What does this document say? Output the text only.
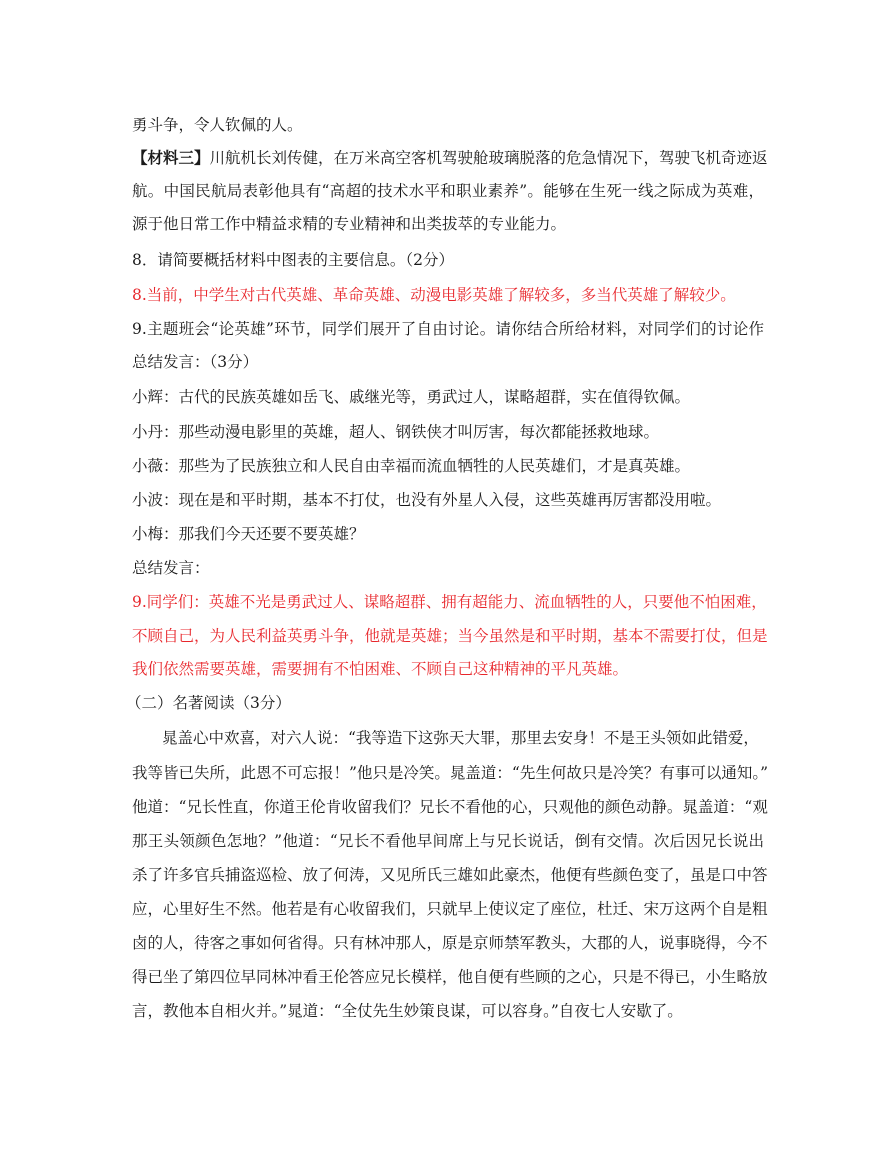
勇斗争，令人钦佩的人。
【材料三】川航机长刘传健，在万米高空客机驾驶舱玻璃脱落的危急情况下，驾驶飞机奇迹返
航。中国民航局表彰他具有“高超的技术水平和职业素养”。能够在生死一线之际成为英难，
源于他日常工作中精益求精的专业精神和出类拔萃的专业能力。
8．请简要概括材料中图表的主要信息。（2分）
8.当前，中学生对古代英雄、革命英雄、动漫电影英雄了解较多，多当代英雄了解较少。
9.主题班会“论英雄”环节，同学们展开了自由讨论。请你结合所给材料，对同学们的讨论作
总结发言：（3分）
小辉：古代的民族英雄如岳飞、戚继光等，勇武过人，谋略超群，实在值得钦佩。
小丹：那些动漫电影里的英雄，超人、钢铁侠才叫厉害，每次都能拯救地球。
小薇：那些为了民族独立和人民自由幸福而流血牺牲的人民英雄们，才是真英雄。
小波：现在是和平时期，基本不打仗，也没有外星人入侵，这些英雄再厉害都没用啦。
小梅：那我们今天还要不要英雄？
总结发言：
9.同学们：英雄不光是勇武过人、谋略超群、拥有超能力、流血牺牲的人，只要他不怕困难，
不顾自己，为人民利益英勇斗争，他就是英雄；当今虽然是和平时期，基本不需要打仗，但是
我们依然需要英雄，需要拥有不怕困难、不顾自己这种精神的平凡英雄。
（二）名著阅读（3分）
晁盖心中欢喜，对六人说：“我等造下这弥天大罪，那里去安身！不是王头领如此错爱，
我等皆已失所，此恩不可忘报！”他只是冷笑。晁盖道：“先生何故只是冷笑？有事可以通知。”
他道：“兄长性直，你道王伦肯收留我们？兄长不看他的心，只观他的颜色动静。晁盖道：“观
那王头领颜色怎地？”他道：“兄长不看他早间席上与兄长说话，倒有交情。次后因兄长说出
杀了许多官兵捕盗巡检、放了何涛，又见所氏三雄如此豪杰，他便有些颜色变了，虽是口中答
应，心里好生不然。他若是有心收留我们，只就早上使议定了座位，杜迁、宋万这两个自是粗
卤的人，待客之事如何省得。只有林冲那人，原是京师禁军教头，大郡的人，说事晓得，今不
得已坐了第四位早同林冲看王伦答应兄长模样，他自便有些顾的之心，只是不得已，小生略放
言，教他本自相火并。”晁道：“全仗先生妙策良谋，可以容身。”自夜七人安歇了。
